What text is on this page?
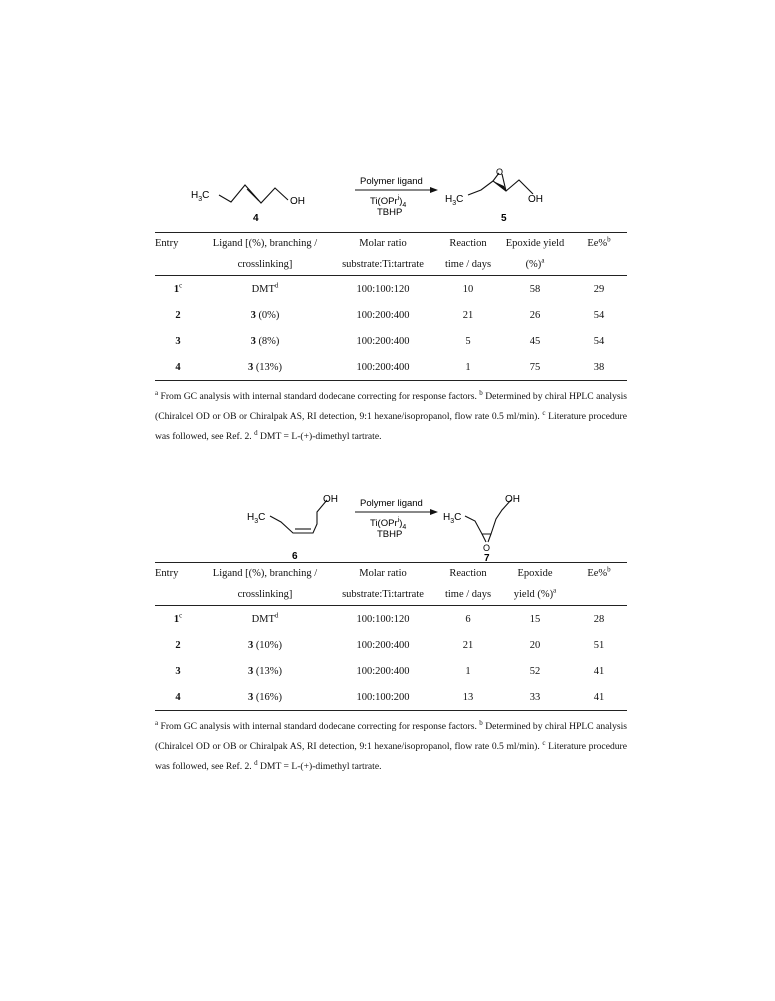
$H_3C$
OH
4
Polymer ligand
$Ti(OPr^i)_4$
TBHP
O
$H_3C$	OH
5
Entry	Ligand [(%), branching /	Molar ratio	Reaction	Epoxide yield	Ee%$^b$
	crosslinking]	substrate:Ti:tartrate	time / days	(%)$^a$	
1$^c$	DMT$^d$	100:100:120	10	58	29
2	3 (0%)	100:200:400	21	26	54
3	3 (8%)	100:200:400	5	45	54
4	3 (13%)	100:200:400	1	75	38
$^a$ From GC analysis with internal standard dodecane correcting for response factors. $^b$ Determined by chiral HPLC analysis (Chiralcel OD or OB or Chiralpak AS, RI detection, 9:1 hexane/isopropanol, flow rate 0.5 ml/min). $^c$ Literature procedure was followed, see Ref. 2. $^d$ DMT = L-(+)-dimethyl tartrate.
$H_3C$
OH
6
Polymer ligand
$Ti(OPr^i)_4$
TBHP
$H_3C$
OH
O
7
Entry	Ligand [(%), branching /	Molar ratio	Reaction	Epoxide	Ee%$^b$
	crosslinking]	substrate:Ti:tartrate	time / days	yield (%)$^a$	
1$^c$	DMT$^d$	100:100:120	6	15	28
2	3 (10%)	100:200:400	21	20	51
3	3 (13%)	100:200:400	1	52	41
4	3 (16%)	100:100:200	13	33	41
$^a$ From GC analysis with internal standard dodecane correcting for response factors. $^b$ Determined by chiral HPLC analysis (Chiralcel OD or OB or Chiralpak AS, RI detection, 9:1 hexane/isopropanol, flow rate 0.5 ml/min). $^c$ Literature procedure was followed, see Ref. 2. $^d$ DMT = L-(+)-dimethyl tartrate.
